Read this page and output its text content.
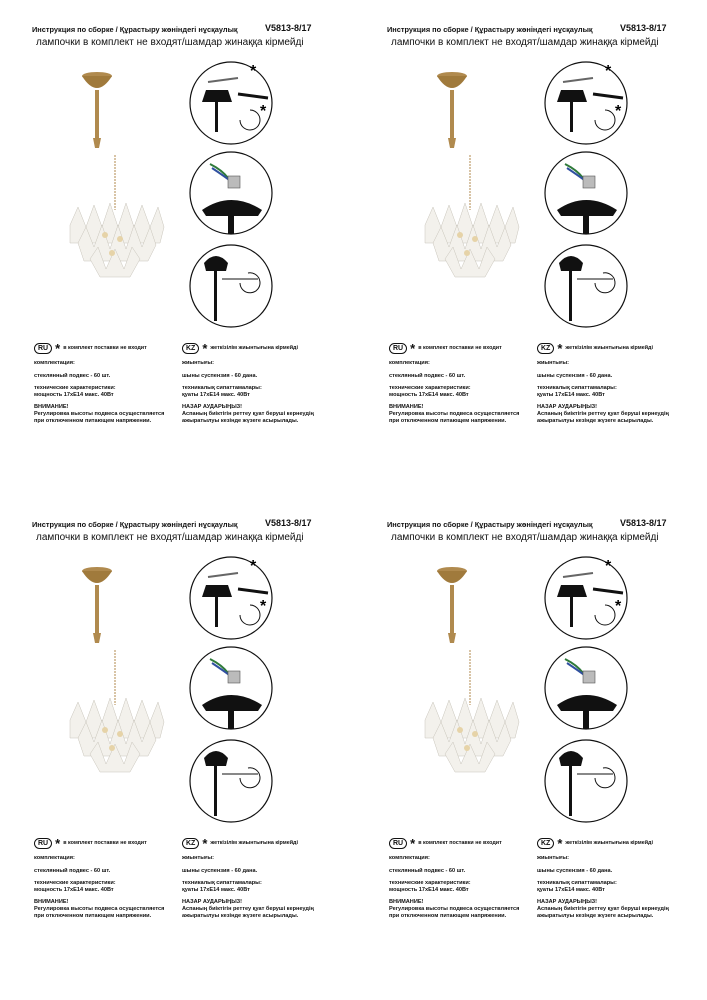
Инструкция по сборке / Құрастыру жөніндегі нұсқаулық	V5813-8/17
лампочки в комплект не входят/шамдар жинаққа кірмейді
*
*
RU * в комплект поставки не входит
комплектация:
стеклянный подвес - 60 шт.
технические характеристики:
мощность 17xE14 макс. 40Вт
ВНИМАНИЕ!
Регулировка высоты подвеса осуществляется
при отключенном питающем напряжении.
KZ * жеткізілім жиынтығына кірмейді
жиынтығы:
шыны суспензия - 60 дана.
техникалық сипаттамалары:
қуаты 17xE14 макс. 40Вт
НАЗАР АУДАРЫҢЫЗ!
Аспаның биіктігін реттеу қуат беруші кернеудің
ажыратылуы кезінде жүзеге асырылады.
Инструкция по сборке / Құрастыру жөніндегі нұсқаулық	V5813-8/17
лампочки в комплект не входят/шамдар жинаққа кірмейді
*
*
RU * в комплект поставки не входит
комплектация:
стеклянный подвес - 60 шт.
технические характеристики:
мощность 17xE14 макс. 40Вт
ВНИМАНИЕ!
Регулировка высоты подвеса осуществляется
при отключенном питающем напряжении.
KZ * жеткізілім жиынтығына кірмейді
жиынтығы:
шыны суспензия - 60 дана.
техникалық сипаттамалары:
қуаты 17xE14 макс. 40Вт
НАЗАР АУДАРЫҢЫЗ!
Аспаның биіктігін реттеу қуат беруші кернеудің
ажыратылуы кезінде жүзеге асырылады.
Инструкция по сборке / Құрастыру жөніндегі нұсқаулық	V5813-8/17
лампочки в комплект не входят/шамдар жинаққа кірмейді
*
*
RU * в комплект поставки не входит
комплектация:
стеклянный подвес - 60 шт.
технические характеристики:
мощность 17xE14 макс. 40Вт
ВНИМАНИЕ!
Регулировка высоты подвеса осуществляется
при отключенном питающем напряжении.
KZ * жеткізілім жиынтығына кірмейді
жиынтығы:
шыны суспензия - 60 дана.
техникалық сипаттамалары:
қуаты 17xE14 макс. 40Вт
НАЗАР АУДАРЫҢЫЗ!
Аспаның биіктігін реттеу қуат беруші кернеудің
ажыратылуы кезінде жүзеге асырылады.
Инструкция по сборке / Құрастыру жөніндегі нұсқаулық	V5813-8/17
лампочки в комплект не входят/шамдар жинаққа кірмейді
*
*
RU * в комплект поставки не входит
комплектация:
стеклянный подвес - 60 шт.
технические характеристики:
мощность 17xE14 макс. 40Вт
ВНИМАНИЕ!
Регулировка высоты подвеса осуществляется
при отключенном питающем напряжении.
KZ * жеткізілім жиынтығына кірмейді
жиынтығы:
шыны суспензия - 60 дана.
техникалық сипаттамалары:
қуаты 17xE14 макс. 40Вт
НАЗАР АУДАРЫҢЫЗ!
Аспаның биіктігін реттеу қуат беруші кернеудің
ажыратылуы кезінде жүзеге асырылады.
